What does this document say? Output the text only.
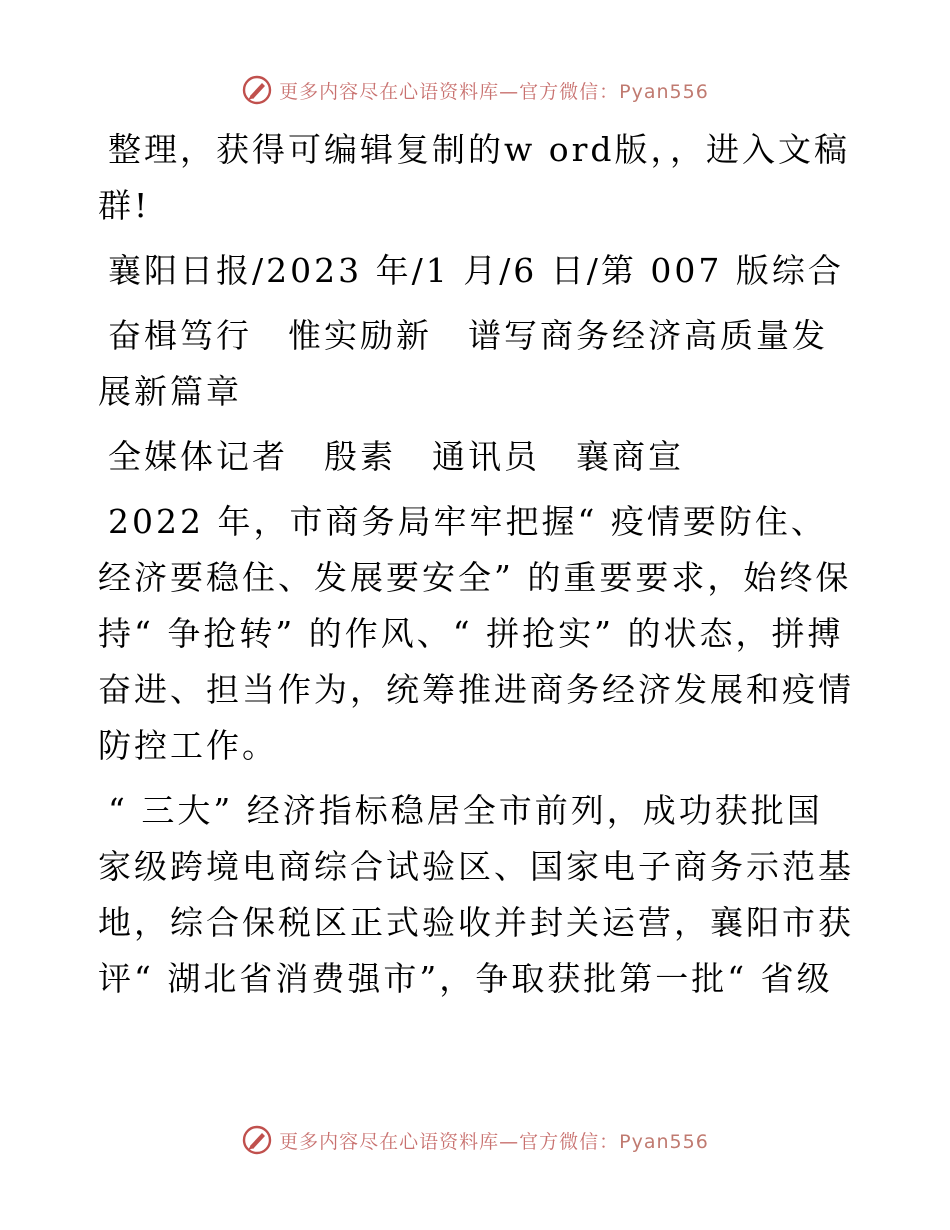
更多内容尽在心语资料库—官方微信：Pyan556

整理，获得可编辑复制的w ord版，，进入文稿群!

襄阳日报/2023 年/1 月/6 日/第 007 版综合

奋楫笃行　惟实励新　谱写商务经济高质量发展新篇章

全媒体记者　殷素　通讯员　襄商宣

2022 年，市商务局牢牢把握“ 疫情要防住、经济要稳住、发展要安全” 的重要要求，始终保持“ 争抢转” 的作风、“ 拼抢实” 的状态，拼搏奋进、担当作为，统筹推进商务经济发展和疫情防控工作。

“ 三大” 经济指标稳居全市前列，成功获批国家级跨境电商综合试验区、国家电子商务示范基地，综合保税区正式验收并封关运营，襄阳市获评“ 湖北省消费强市”，争取获批第一批“ 省级

更多内容尽在心语资料库—官方微信：Pyan556
